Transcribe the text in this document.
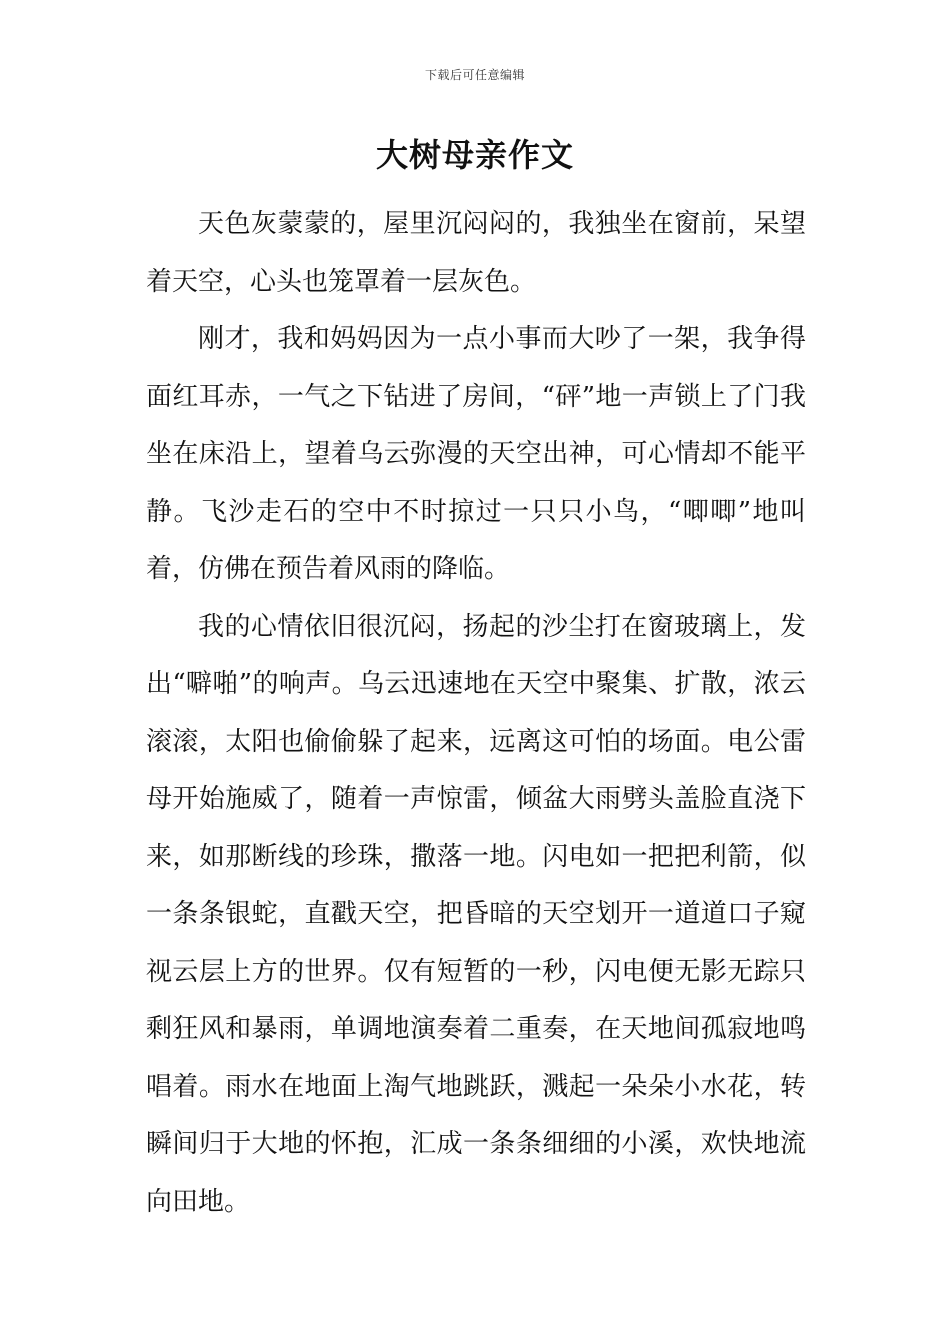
下载后可任意编辑
大树母亲作文

天色灰蒙蒙的，屋里沉闷闷的，我独坐在窗前，呆望着天空，心头也笼罩着一层灰色。

刚才，我和妈妈因为一点小事而大吵了一架，我争得面红耳赤，一气之下钻进了房间，“砰”地一声锁上了门我坐在床沿上，望着乌云弥漫的天空出神，可心情却不能平静。飞沙走石的空中不时掠过一只只小鸟，“唧唧”地叫着，仿佛在预告着风雨的降临。

我的心情依旧很沉闷，扬起的沙尘打在窗玻璃上，发出“噼啪”的响声。乌云迅速地在天空中聚集、扩散，浓云滚滚，太阳也偷偷躲了起来，远离这可怕的场面。电公雷母开始施威了，随着一声惊雷，倾盆大雨劈头盖脸直浇下来，如那断线的珍珠，撒落一地。闪电如一把把利箭，似一条条银蛇，直戳天空，把昏暗的天空划开一道道口子窥视云层上方的世界。仅有短暂的一秒，闪电便无影无踪只剩狂风和暴雨，单调地演奏着二重奏，在天地间孤寂地鸣唱着。雨水在地面上淘气地跳跃，溅起一朵朵小水花，转瞬间归于大地的怀抱，汇成一条条细细的小溪，欢快地流向田地。
